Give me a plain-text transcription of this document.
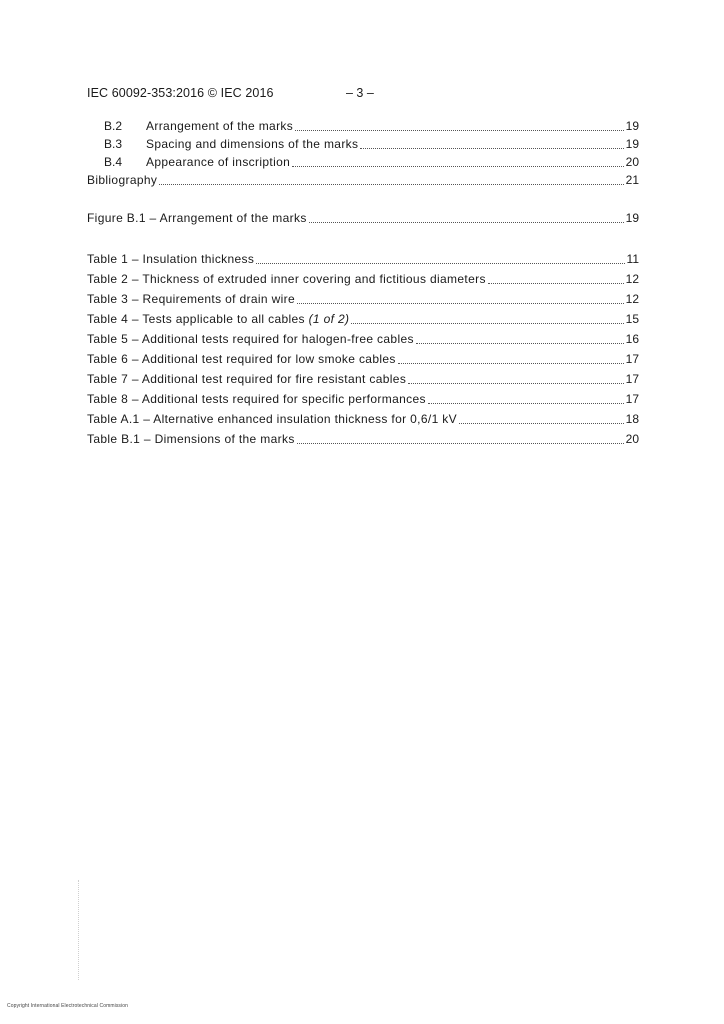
IEC 60092-353:2016 © IEC 2016	– 3 –
B.2	Arrangement of the marks	19
B.3	Spacing and dimensions of the marks	19
B.4	Appearance of inscription	20
Bibliography	21
Figure B.1 – Arrangement of the marks	19
Table 1 – Insulation thickness	11
Table 2 – Thickness of extruded inner covering and fictitious diameters	12
Table 3 – Requirements of drain wire	12
Table 4 – Tests applicable to all cables (1 of 2)	15
Table 5 – Additional tests required for halogen-free cables	16
Table 6 – Additional test required for low smoke cables	17
Table 7 – Additional test required for fire resistant cables	17
Table 8 – Additional tests required for specific performances	17
Table A.1 – Alternative enhanced insulation thickness for 0,6/1 kV	18
Table B.1 – Dimensions of the marks	20
Copyright International Electrotechnical Commission
